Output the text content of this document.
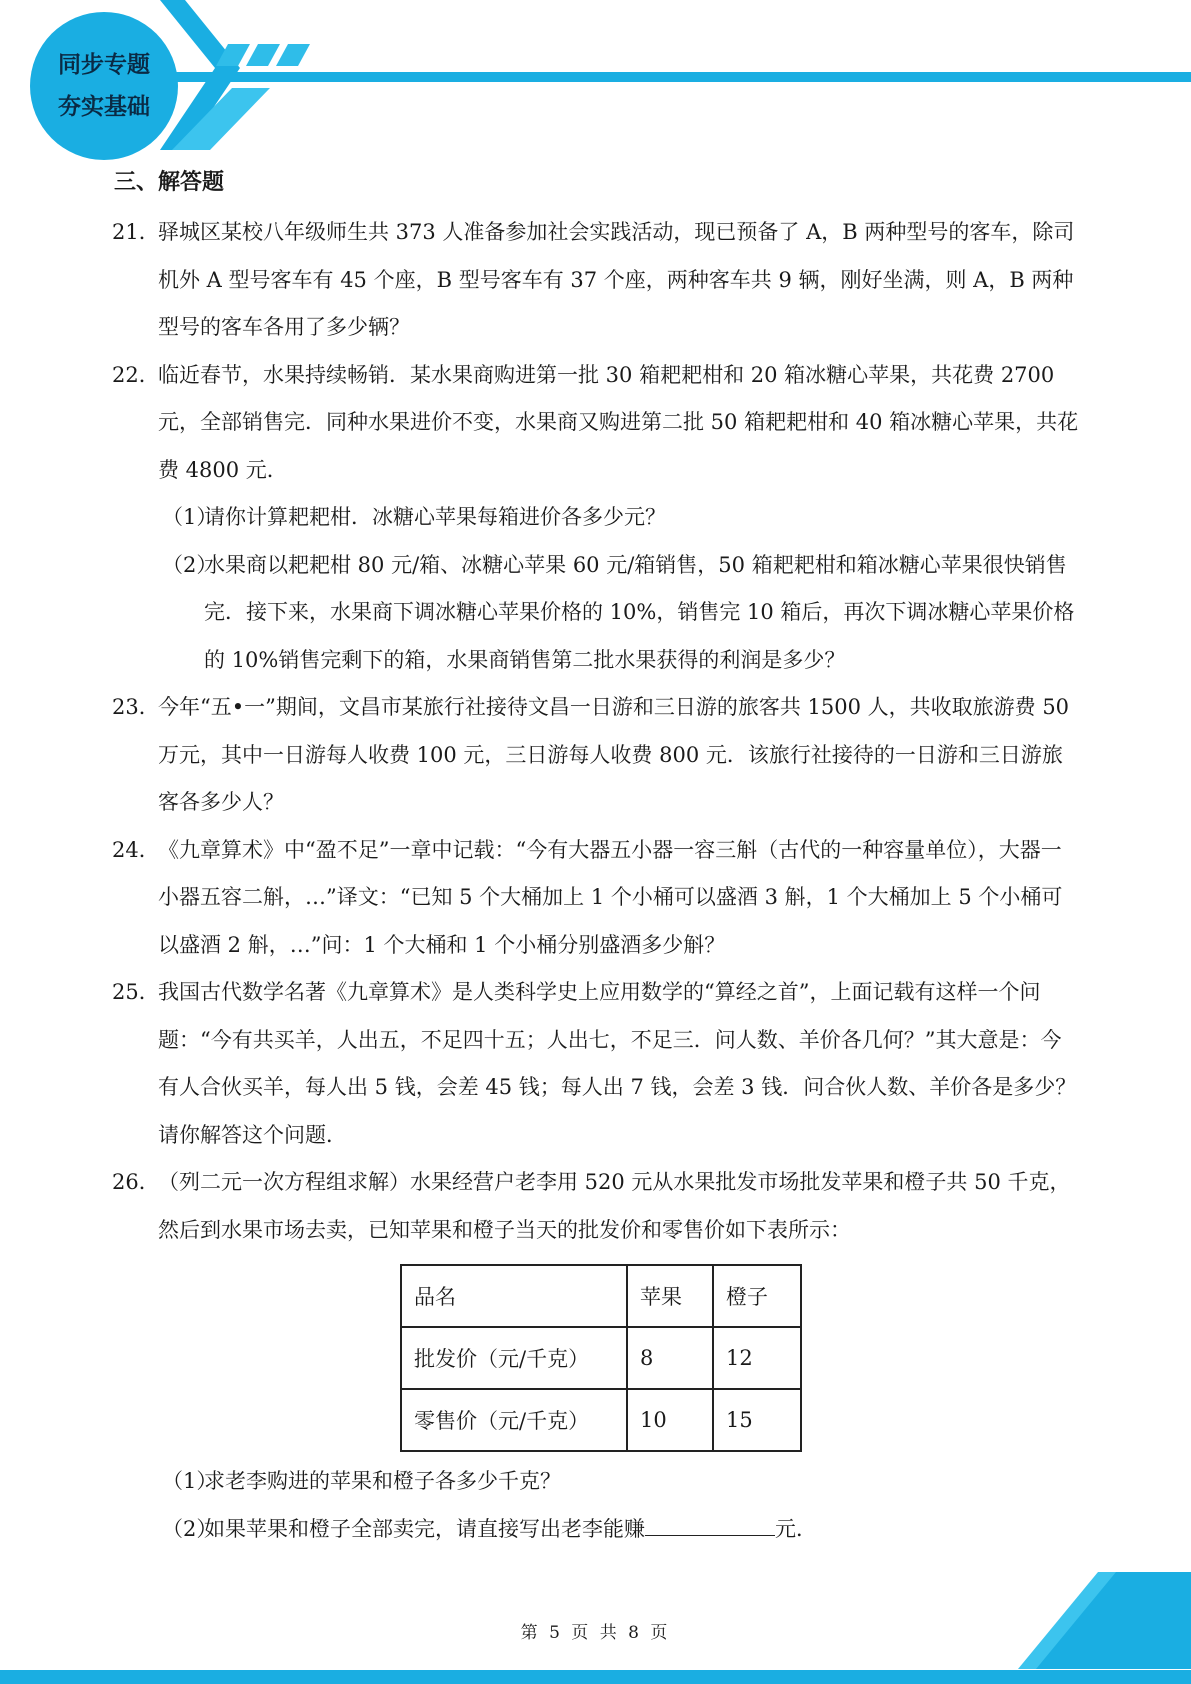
同步专题
夯实基础
三、解答题
21．
驿城区某校八年级师生共 373 人准备参加社会实践活动，现已预备了 A，B 两种型号的客车，除司机外 A 型号客车有 45 个座，B 型号客车有 37 个座，两种客车共 9 辆，刚好坐满，则 A，B 两种型号的客车各用了多少辆？
22．
临近春节，水果持续畅销．某水果商购进第一批 30 箱耙耙柑和 20 箱冰糖心苹果，共花费 2700 元，全部销售完．同种水果进价不变，水果商又购进第二批 50 箱耙耙柑和 40 箱冰糖心苹果，共花费 4800 元．
（1）
请你计算耙耙柑．冰糖心苹果每箱进价各多少元？
（2）
水果商以耙耙柑 80 元/箱、冰糖心苹果 60 元/箱销售，50 箱耙耙柑和箱冰糖心苹果很快销售完．接下来，水果商下调冰糖心苹果价格的 10%，销售完 10 箱后，再次下调冰糖心苹果价格的 10%销售完剩下的箱，水果商销售第二批水果获得的利润是多少？
23．
今年“五•一”期间，文昌市某旅行社接待文昌一日游和三日游的旅客共 1500 人，共收取旅游费 50 万元，其中一日游每人收费 100 元，三日游每人收费 800 元．该旅行社接待的一日游和三日游旅客各多少人？
24．
《九章算术》中“盈不足”一章中记载：“今有大器五小器一容三斛（古代的一种容量单位），大器一小器五容二斛，…”译文：“已知 5 个大桶加上 1 个小桶可以盛酒 3 斛，1 个大桶加上 5 个小桶可以盛酒 2 斛，…”问：1 个大桶和 1 个小桶分别盛酒多少斛？
25．
我国古代数学名著《九章算术》是人类科学史上应用数学的“算经之首”，上面记载有这样一个问题：“今有共买羊，人出五，不足四十五；人出七，不足三．问人数、羊价各几何？”其大意是：今有人合伙买羊，每人出 5 钱，会差 45 钱；每人出 7 钱，会差 3 钱．问合伙人数、羊价各是多少？请你解答这个问题．
26．
（列二元一次方程组求解）水果经营户老李用 520 元从水果批发市场批发苹果和橙子共 50 千克，然后到水果市场去卖，已知苹果和橙子当天的批发价和零售价如下表所示：
品名	苹果	橙子
批发价（元/千克）	8	12
零售价（元/千克）	10	15
（1）
求老李购进的苹果和橙子各多少千克？
（2）
如果苹果和橙子全部卖完，请直接写出老李能赚	元．
第 5 页 共 8 页
